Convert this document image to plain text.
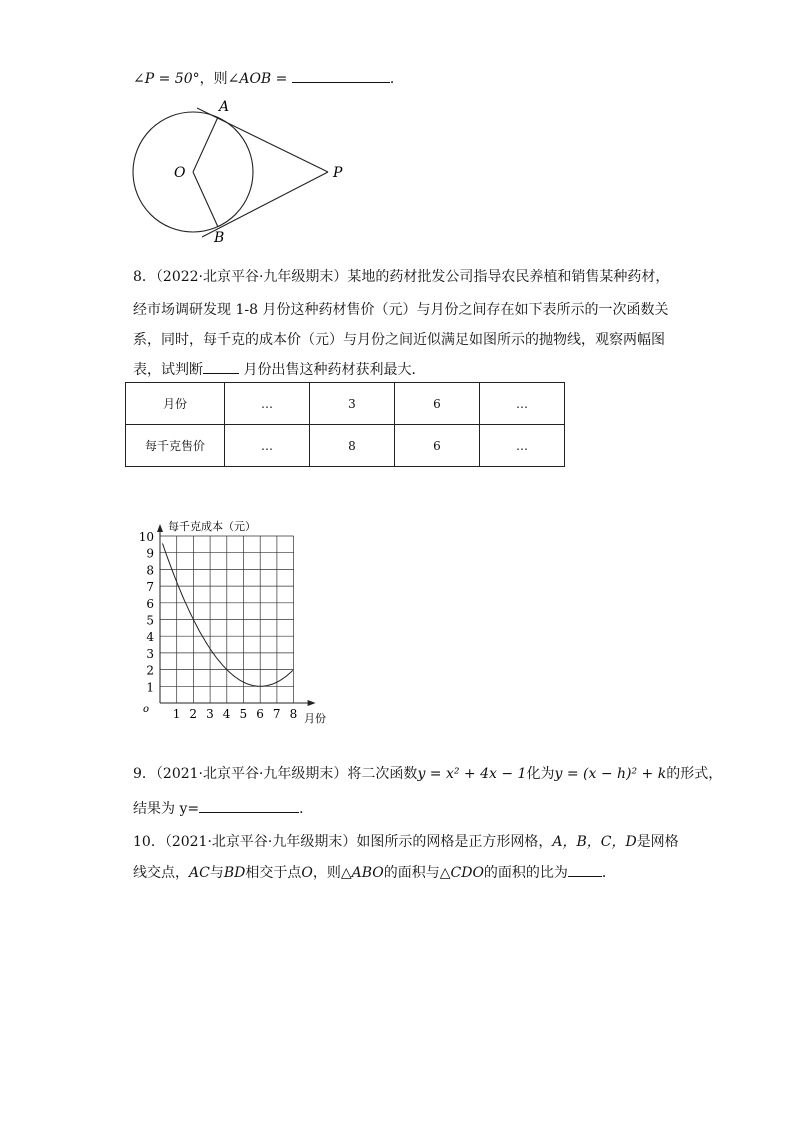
∠P = 50°，则∠AOB =	．
A
O	P
B
8．（2022·北京平谷·九年级期末）某地的药材批发公司指导农民养植和销售某种药材，
经市场调研发现 1-8 月份这种药材售价（元）与月份之间存在如下表所示的一次函数关
系，同时，每千克的成本价（元）与月份之间近似满足如图所示的抛物线，观察两幅图
表，试判断	月份出售这种药材获利最大．
月份	…	3	6	…
每千克售价	…	8	6	…
1 2 3 4 5 6 7 8
1
2
3
4
5
6
7
8
9
10
每千克成本（元）
月份
o
9．（2021·北京平谷·九年级期末）将二次函数y = x² + 4x − 1化为y = (x − h)² + k的形式，
结果为 y=	．
10．（2021·北京平谷·九年级期末）如图所示的网格是正方形网格，A，B，C，D是网格
线交点，AC与BD相交于点O，则△ABO的面积与△CDO的面积的比为 ．
